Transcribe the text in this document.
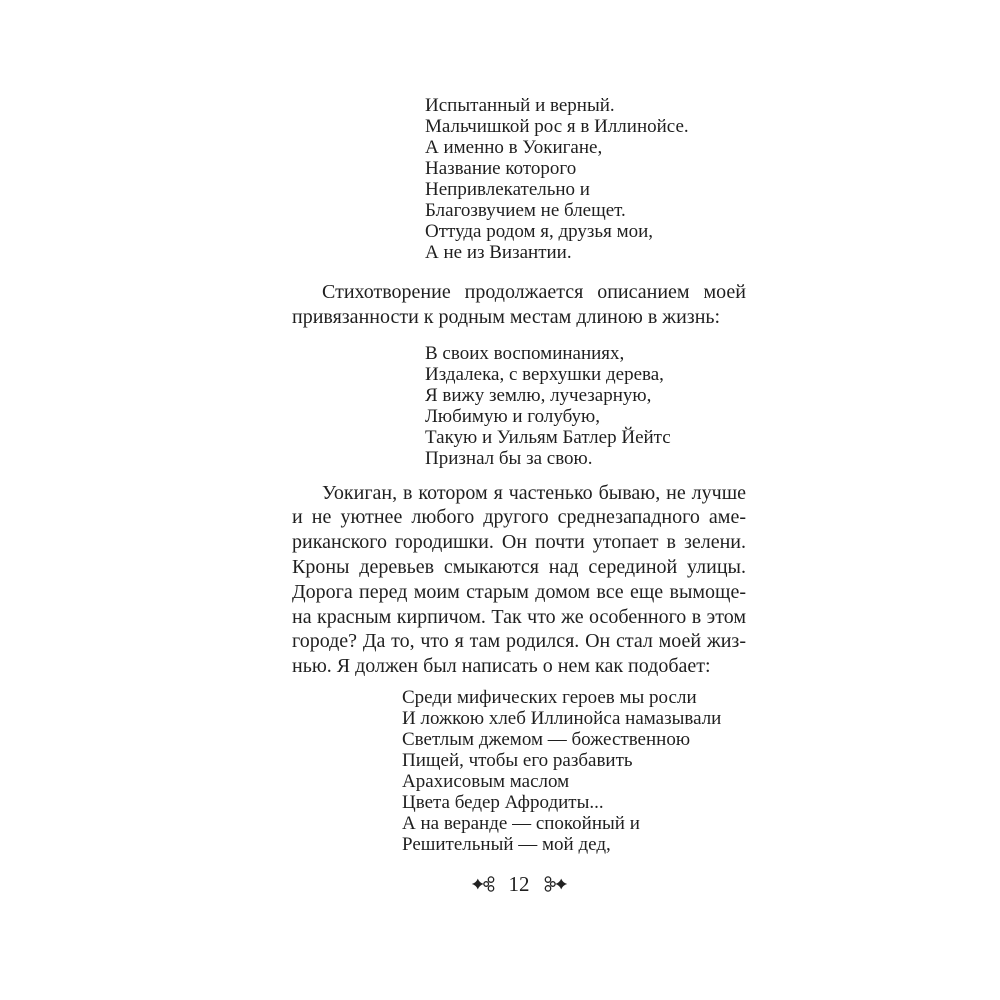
Испытанный и верный.
Мальчишкой рос я в Иллинойсе.
А именно в Уокигане,
Название которого
Непривлекательно и
Благозвучием не блещет.
Оттуда родом я, друзья мои,
А не из Византии.
Стихотворение продолжается описанием моей
привязанности к родным местам длиною в жизнь:
В своих воспоминаниях,
Издалека, с верхушки дерева,
Я вижу землю, лучезарную,
Любимую и голубую,
Такую и Уильям Батлер Йейтс
Признал бы за свою.
Уокиган, в котором я частенько бываю, не лучше
и не уютнее любого другого среднезападного аме-
риканского городишки. Он почти утопает в зелени.
Кроны деревьев смыкаются над серединой улицы.
Дорога перед моим старым домом все еще вымоще-
на красным кирпичом. Так что же особенного в этом
городе? Да то, что я там родился. Он стал моей жиз-
нью. Я должен был написать о нем как подобает:
Среди мифических героев мы росли
И ложкою хлеб Иллинойса намазывали
Светлым джемом — божественною
Пищей, чтобы его разбавить
Арахисовым маслом
Цвета бедер Афродиты...
А на веранде — спокойный и
Решительный — мой дед,
12
